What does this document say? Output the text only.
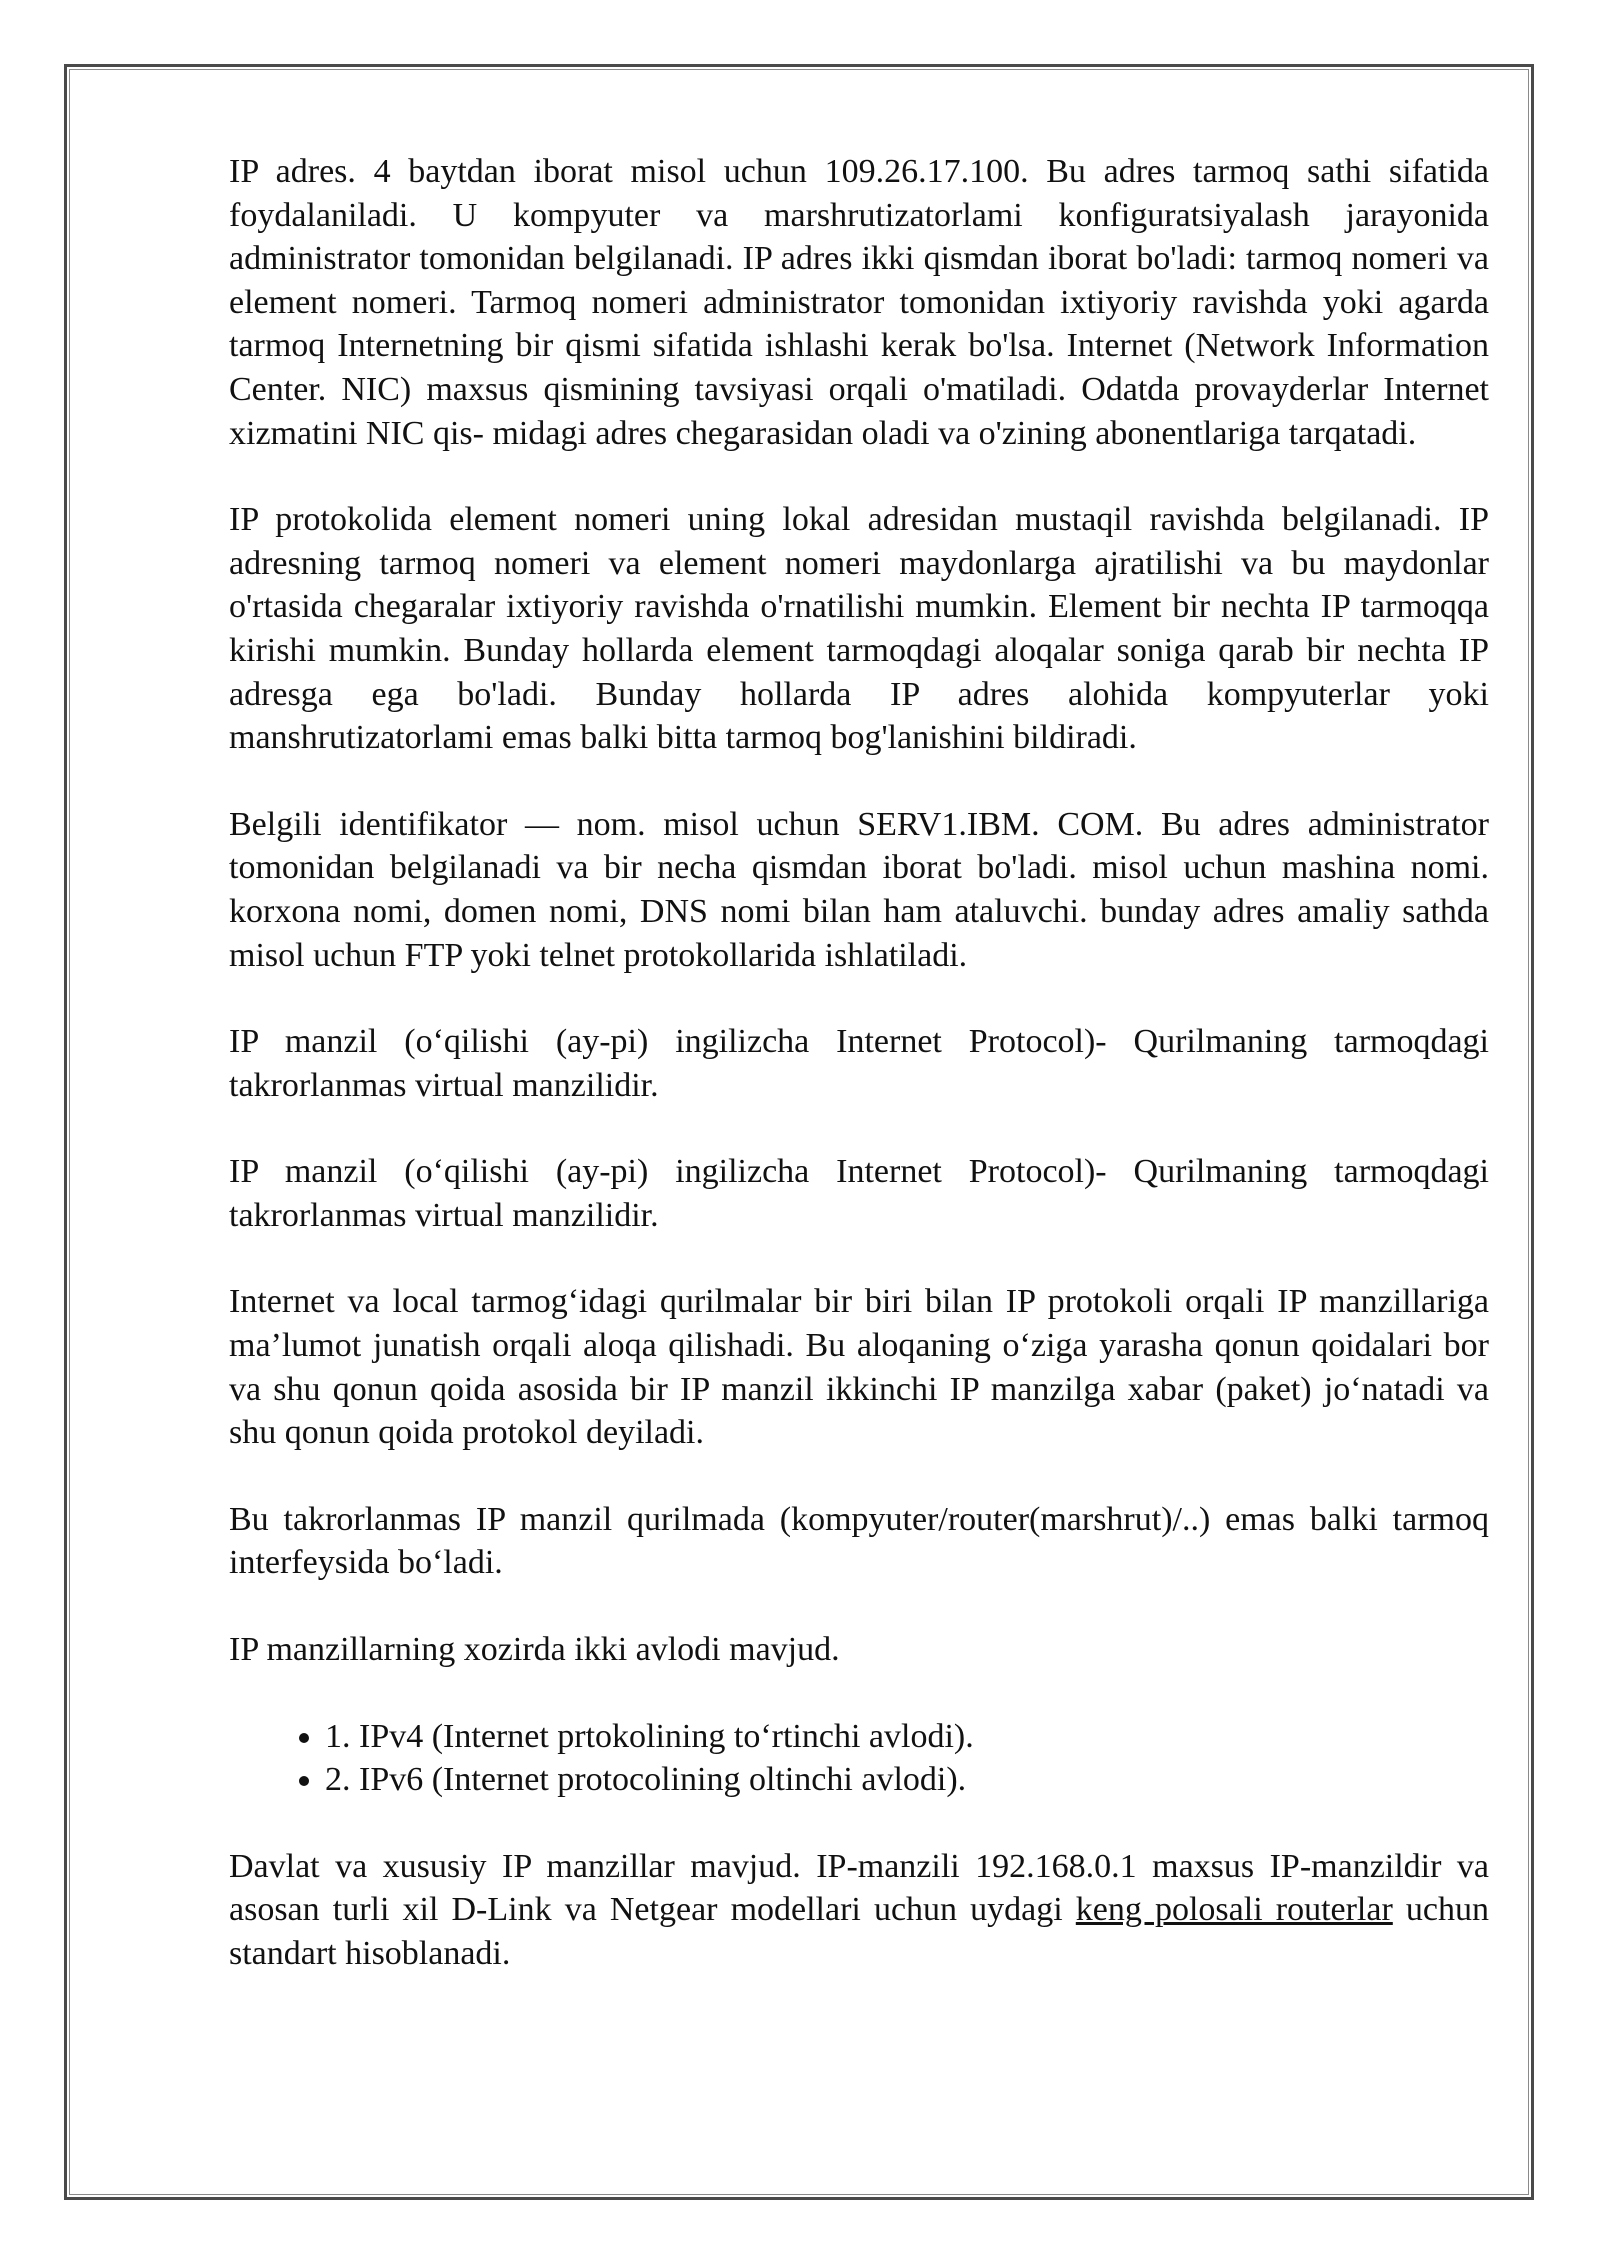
IP adres. 4 baytdan iborat misol uchun 109.26.17.100. Bu adres tarmoq sathi sifatida foydalaniladi. U kompyuter va marshrutizatorlami konfiguratsiyalash jarayonida administrator tomonidan belgilanadi. IP adres ikki qismdan iborat bo'ladi: tarmoq nomeri va element nomeri. Tarmoq nomeri administrator tomonidan ixtiyoriy ravishda yoki agarda tarmoq Internetning bir qismi sifatida ishlashi kerak bo'lsa. Internet (Network Information Center. NIC) maxsus qismining tavsiyasi orqali o'matiladi. Odatda provayderlar Internet xizmatini NIC qis- midagi adres chegarasidan oladi va o'zining abonentlariga tarqatadi.

IP protokolida element nomeri uning lokal adresidan mustaqil ravishda belgilanadi. IP adresning tarmoq nomeri va element nomeri maydonlarga ajratilishi va bu maydonlar o'rtasida chegaralar ixtiyoriy ravishda o'rnatilishi mumkin. Element bir nechta IP tarmoqqa kirishi mumkin. Bunday hollarda element tarmoqdagi aloqalar soniga qarab bir nechta IP adresga ega bo'ladi. Bunday hollarda IP adres alohida kompyuterlar yoki manshrutizatorlami emas balki bitta tarmoq bog'lanishini bildiradi.

Belgili identifikator — nom. misol uchun SERV1.IBM. COM. Bu adres administrator tomonidan belgilanadi va bir necha qismdan iborat bo'ladi. misol uchun mashina nomi. korxona nomi, domen nomi, DNS nomi bilan ham ataluvchi. bunday adres amaliy sathda misol uchun FTP yoki telnet protokollarida ishlatiladi.

IP manzil (o‘qilishi (ay-pi) ingilizcha Internet Protocol)- Qurilmaning tarmoqdagi takrorlanmas virtual manzilidir.

IP manzil (o‘qilishi (ay-pi) ingilizcha Internet Protocol)- Qurilmaning tarmoqdagi takrorlanmas virtual manzilidir.

Internet va local tarmog‘idagi qurilmalar bir biri bilan IP protokoli orqali IP manzillariga ma’lumot junatish orqali aloqa qilishadi. Bu aloqaning o‘ziga yarasha qonun qoidalari bor va shu qonun qoida asosida bir IP manzil ikkinchi IP manzilga xabar (paket) jo‘natadi va shu qonun qoida protokol deyiladi.

Bu takrorlanmas IP manzil qurilmada (kompyuter/router(marshrut)/..) emas balki tarmoq interfeysida bo‘ladi.

IP manzillarning xozirda ikki avlodi mavjud.

• 1. IPv4 (Internet prtokolining to‘rtinchi avlodi).
• 2. IPv6 (Internet protocolining oltinchi avlodi).

Davlat va xususiy IP manzillar mavjud. IP-manzili 192.168.0.1 maxsus IP-manzildir va asosan turli xil D-Link va Netgear modellari uchun uydagi keng polosali routerlar uchun standart hisoblanadi.
